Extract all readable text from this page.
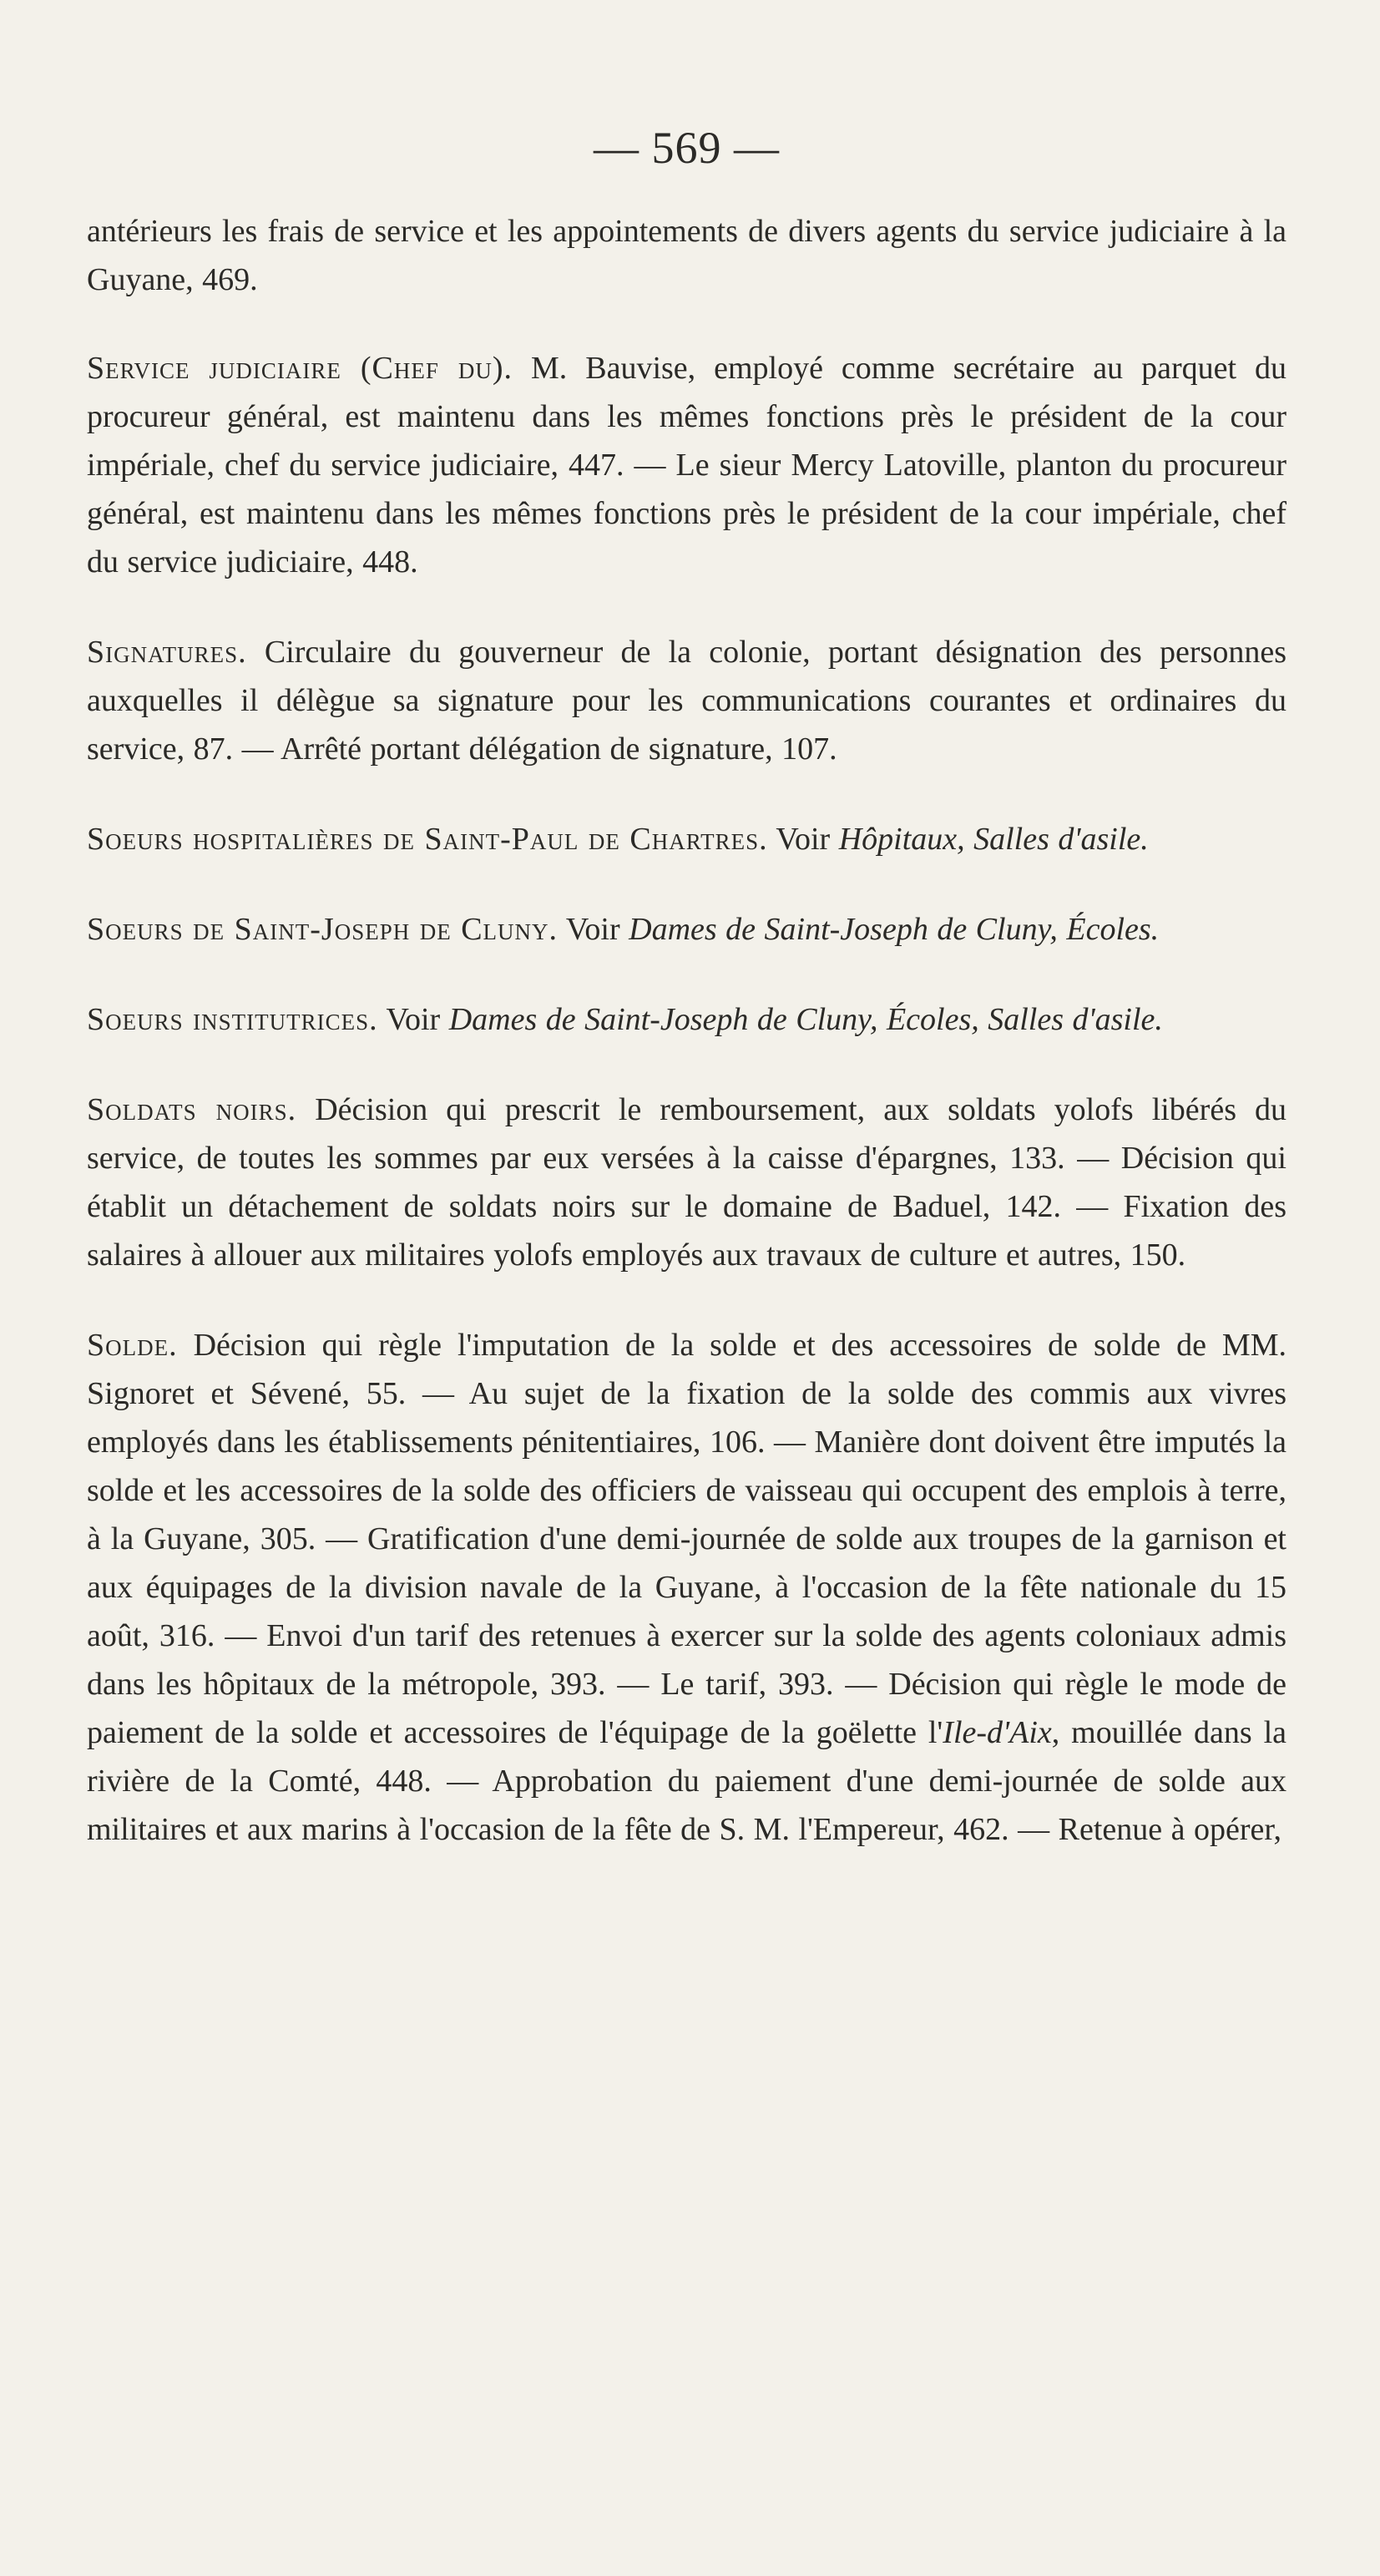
— 569 —

antérieurs les frais de service et les appointements de divers agents du service judiciaire à la Guyane, 469.

Service judiciaire (Chef du). M. Bauvise, employé comme secrétaire au parquet du procureur général, est maintenu dans les mêmes fonctions près le président de la cour impériale, chef du service judiciaire, 447. — Le sieur Mercy Latoville, planton du procureur général, est maintenu dans les mêmes fonctions près le président de la cour impériale, chef du service judiciaire, 448.

Signatures. Circulaire du gouverneur de la colonie, portant désignation des personnes auxquelles il délègue sa signature pour les communications courantes et ordinaires du service, 87. — Arrêté portant délégation de signature, 107.

Soeurs hospitalières de Saint-Paul de Chartres. Voir Hôpitaux, Salles d'asile.

Soeurs de Saint-Joseph de Cluny. Voir Dames de Saint-Joseph de Cluny, Écoles.

Soeurs institutrices. Voir Dames de Saint-Joseph de Cluny, Écoles, Salles d'asile.

Soldats noirs. Décision qui prescrit le remboursement, aux soldats yolofs libérés du service, de toutes les sommes par eux versées à la caisse d'épargnes, 133. — Décision qui établit un détachement de soldats noirs sur le domaine de Baduel, 142. — Fixation des salaires à allouer aux militaires yolofs employés aux travaux de culture et autres, 150.

Solde. Décision qui règle l'imputation de la solde et des accessoires de solde de MM. Signoret et Sévené, 55. — Au sujet de la fixation de la solde des commis aux vivres employés dans les établissements pénitentiaires, 106. — Manière dont doivent être imputés la solde et les accessoires de la solde des officiers de vaisseau qui occupent des emplois à terre, à la Guyane, 305. — Gratification d'une demi-journée de solde aux troupes de la garnison et aux équipages de la division navale de la Guyane, à l'occasion de la fête nationale du 15 août, 316. — Envoi d'un tarif des retenues à exercer sur la solde des agents coloniaux admis dans les hôpitaux de la métropole, 393. — Le tarif, 393. — Décision qui règle le mode de paiement de la solde et accessoires de l'équipage de la goëlette l'Ile-d'Aix, mouillée dans la rivière de la Comté, 448. — Approbation du paiement d'une demi-journée de solde aux militaires et aux marins à l'occasion de la fête de S. M. l'Empereur, 462. — Retenue à opérer,
